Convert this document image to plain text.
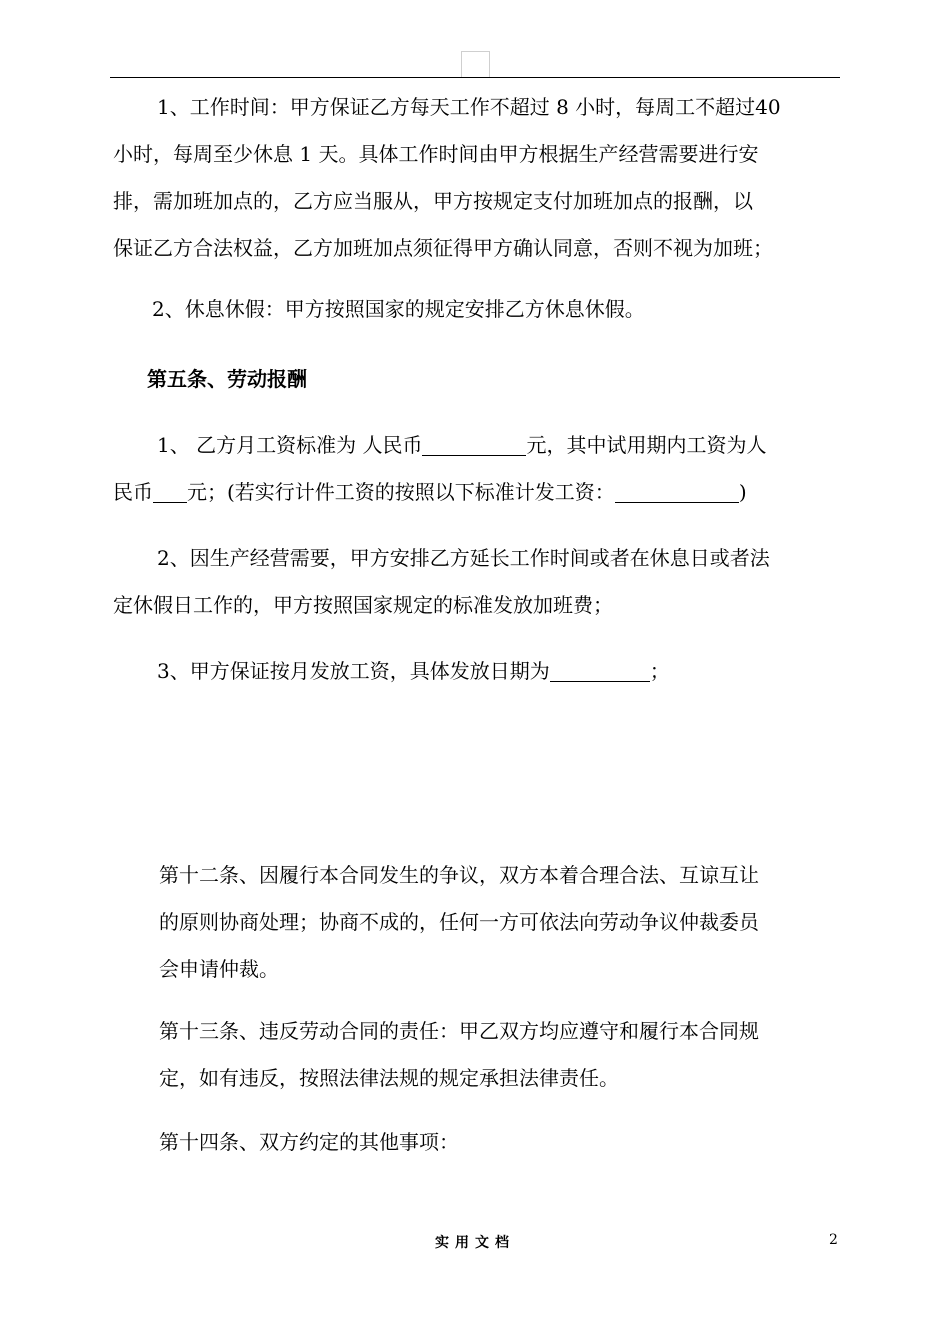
1、工作时间：甲方保证乙方每天工作不超过 8 小时，每周工不超过40
小时，每周至少休息 1 天。具体工作时间由甲方根据生产经营需要进行安
排，需加班加点的，乙方应当服从，甲方按规定支付加班加点的报酬，以
保证乙方合法权益，乙方加班加点须征得甲方确认同意，否则不视为加班；
2、休息休假：甲方按照国家的规定安排乙方休息休假。
第五条、劳动报酬
1、 乙方月工资标准为 人民币	元，其中试用期内工资为人
民币 元；(若实行计件工资的按照以下标准计发工资：	)
2、因生产经营需要，甲方安排乙方延长工作时间或者在休息日或者法
定休假日工作的，甲方按照国家规定的标准发放加班费；
3、甲方保证按月发放工资，具体发放日期为	；
第十二条、因履行本合同发生的争议，双方本着合理合法、互谅互让
的原则协商处理；协商不成的，任何一方可依法向劳动争议仲裁委员
会申请仲裁。
第十三条、违反劳动合同的责任：甲乙双方均应遵守和履行本合同规
定，如有违反，按照法律法规的规定承担法律责任。
第十四条、双方约定的其他事项：
实用文档	2
